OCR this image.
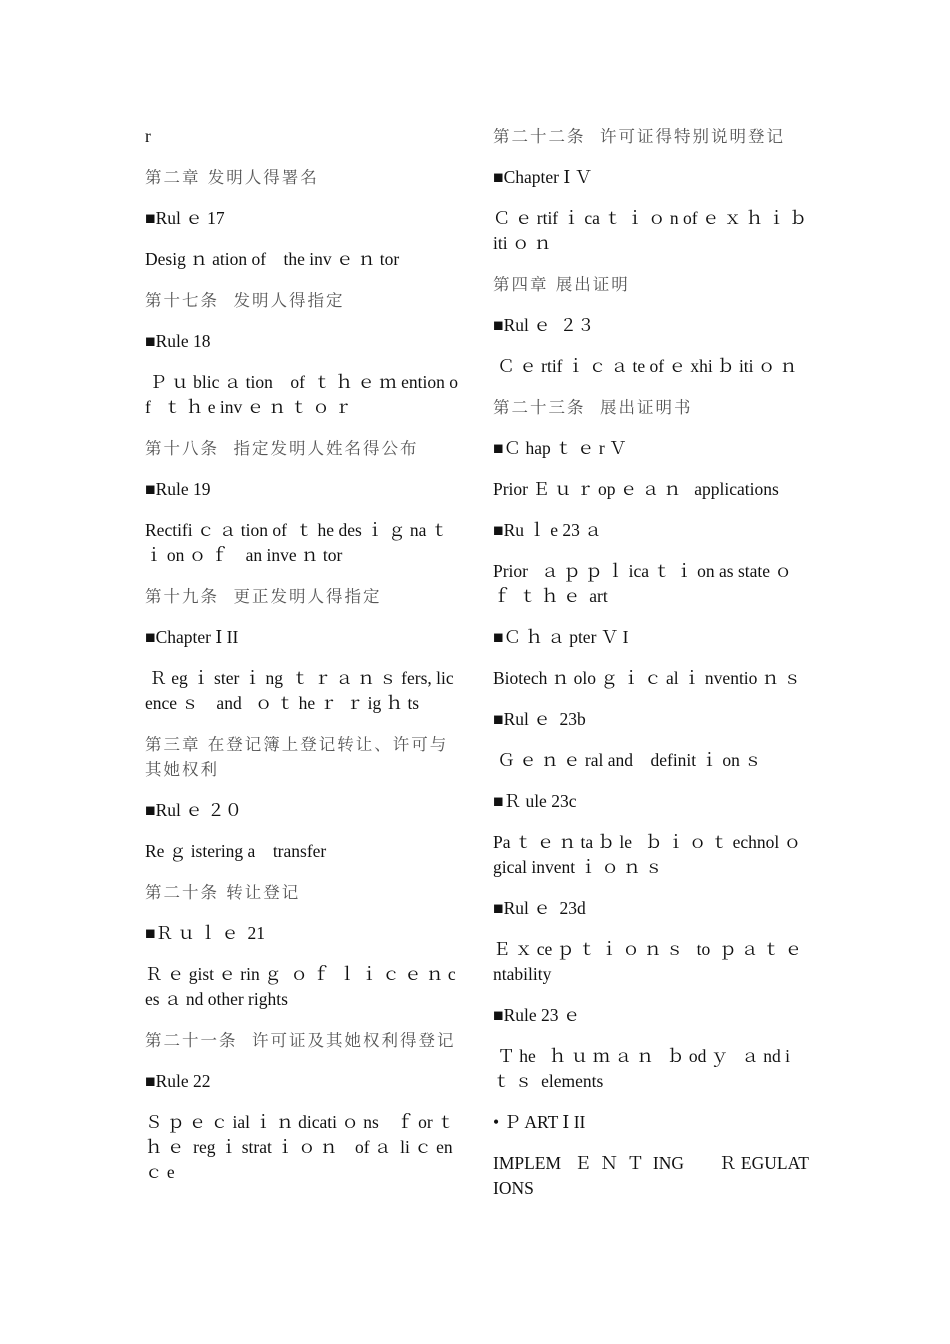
r

第二章 发明人得署名

■Rul ｅ 17

Desig ｎ ation of    the inv ｅ ｎ tor

第十七条  发明人得指定

■Rule 18

Ｐ ｕ blic ａ tion    of  ｔ ｈ ｅ ｍ ention of   ｔ ｈ e inv ｅ ｎ ｔ ｏ ｒ

第十八条  指定发明人姓名得公布

■Rule 19

Rectifi ｃ ａ tion of  ｔ he des ｉ ｇ na ｔ ｉ on ｏ ｆ    an inve ｎ tor

第十九条  更正发明人得指定

■Chapter Ⅰ II

Ｒ eg ｉ ster ｉ ng  ｔ ｒ ａ ｎ ｓ fers, licence ｓ    and   ｏ ｔ he ｒ  ｒ ig ｈ ts

第三章 在登记簿上登记转让、许可与其她权利

■Rul ｅ ２０

Re ｇ istering a    transfer

第二十条 转让登记

■Ｒ ｕ ｌ ｅ  21

Ｒ ｅ gist ｅ rin ｇ  ｏ ｆ  ｌ ｉ ｃ ｅ ｎ ces ａ nd other rights

第二十一条  许可证及其她权利得登记

■Rule 22

Ｓ ｐ ｅ ｃ ial ｉ ｎ dicati ｏ ns    ｆ or ｔ ｈ ｅ  reg ｉ strat ｉ ｏ ｎ    of ａ  li ｃ en ｃ e

第二十二条  许可证得特别说明登记

■Chapter Ⅰ Ｖ

Ｃ ｅ rtif ｉ ca ｔ ｉ ｏ n of ｅ ｘ ｈ ｉ ｂ iti ｏ ｎ

第四章 展出证明

■Rul ｅ  ２３

Ｃ ｅ rtif ｉ ｃ ａ te of ｅ xhi ｂ iti ｏ ｎ

第二十三条  展出证明书

■Ｃ hap ｔ ｅ r Ｖ

Prior Ｅ ｕ ｒ op ｅ ａ ｎ   applications

■Ru ｌ e 23 ａ

Prior   ａ ｐ ｐ ｌ ica ｔ ｉ on as state ｏ ｆ  ｔ ｈ ｅ  art

■Ｃ ｈ ａ pter Ｖ I

Biotech ｎ olo ｇ ｉ ｃ al ｉ nventio ｎ ｓ

■Rul ｅ  23b

Ｇ ｅ ｎ ｅ ral and    definit ｉ on ｓ

■Ｒ ule 23c

Pa ｔ ｅ ｎ ta ｂ le   ｂ ｉ ｏ ｔ echnol ｏ gical invent ｉ ｏ ｎ ｓ

■Rul ｅ  23d

Ｅ ｘ ce ｐ ｔ ｉ ｏ ｎ ｓ   to  ｐ ａ ｔ ｅ ntability

■Rule 23 ｅ

Ｔ he   ｈ ｕ ｍ ａ ｎ   ｂ od ｙ   ａ nd i ｔ ｓ  elements

• Ｐ ART Ⅰ II

IMPLEM   Ｅ  Ｎ  Ｔ  ING        Ｒ EGULATIONS
